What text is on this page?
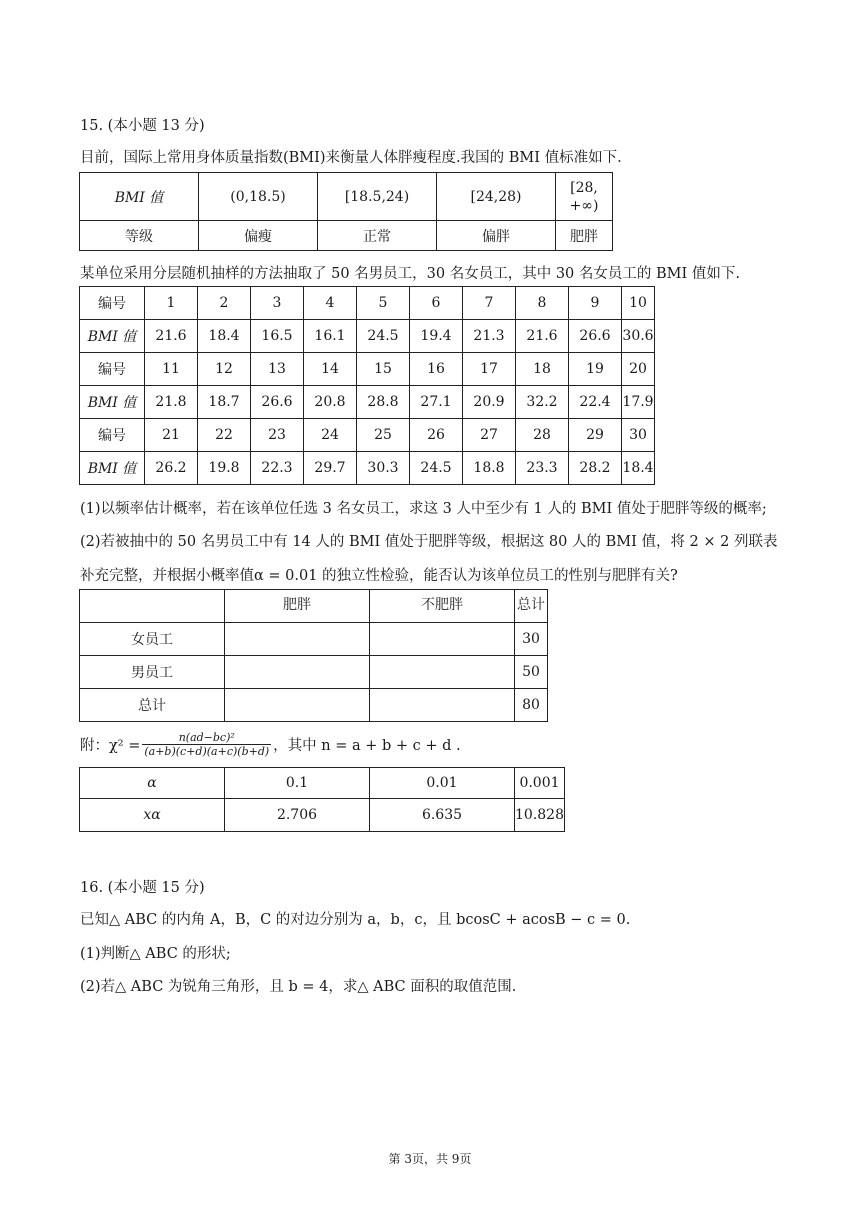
15. (本小题 13 分)
目前，国际上常用身体质量指数(BMI)来衡量人体胖瘦程度.我国的 BMI 值标准如下.
BMI 值	(0,18.5)	[18.5,24)	[24,28)	[28, +∞)
等级	偏瘦	正常	偏胖	肥胖
某单位采用分层随机抽样的方法抽取了 50 名男员工，30 名女员工，其中 30 名女员工的 BMI 值如下.
编号	1	2	3	4	5	6	7	8	9	10
BMI 值	21.6	18.4	16.5	16.1	24.5	19.4	21.3	21.6	26.6	30.6
编号	11	12	13	14	15	16	17	18	19	20
BMI 值	21.8	18.7	26.6	20.8	28.8	27.1	20.9	32.2	22.4	17.9
编号	21	22	23	24	25	26	27	28	29	30
BMI 值	26.2	19.8	22.3	29.7	30.3	24.5	18.8	23.3	28.2	18.4
(1)以频率估计概率，若在该单位任选 3 名女员工，求这 3 人中至少有 1 人的 BMI 值处于肥胖等级的概率;
(2)若被抽中的 50 名男员工中有 14 人的 BMI 值处于肥胖等级，根据这 80 人的 BMI 值，将 2 × 2 列联表
补充完整，并根据小概率值α = 0.01 的独立性检验，能否认为该单位员工的性别与肥胖有关?
	肥胖	不肥胖	总计
女员工			30
男员工			50
总计			80
附：$\chi^2 = \frac{\text{n(ad−bc)²}}{(a+b)(c+d)(a+c)(b+d)}$ ，其中 n = a + b + c + d .
α	0.1	0.01	0.001
xα	2.706	6.635	10.828
16. (本小题 15 分)
已知△ ABC 的内角 A，B，C 的对边分别为 a，b，c，且 bcosC + acosB − c = 0.
(1)判断△ ABC 的形状;
(2)若△ ABC 为锐角三角形，且 b = 4，求△ ABC 面积的取值范围.
第 3页，共 9页
